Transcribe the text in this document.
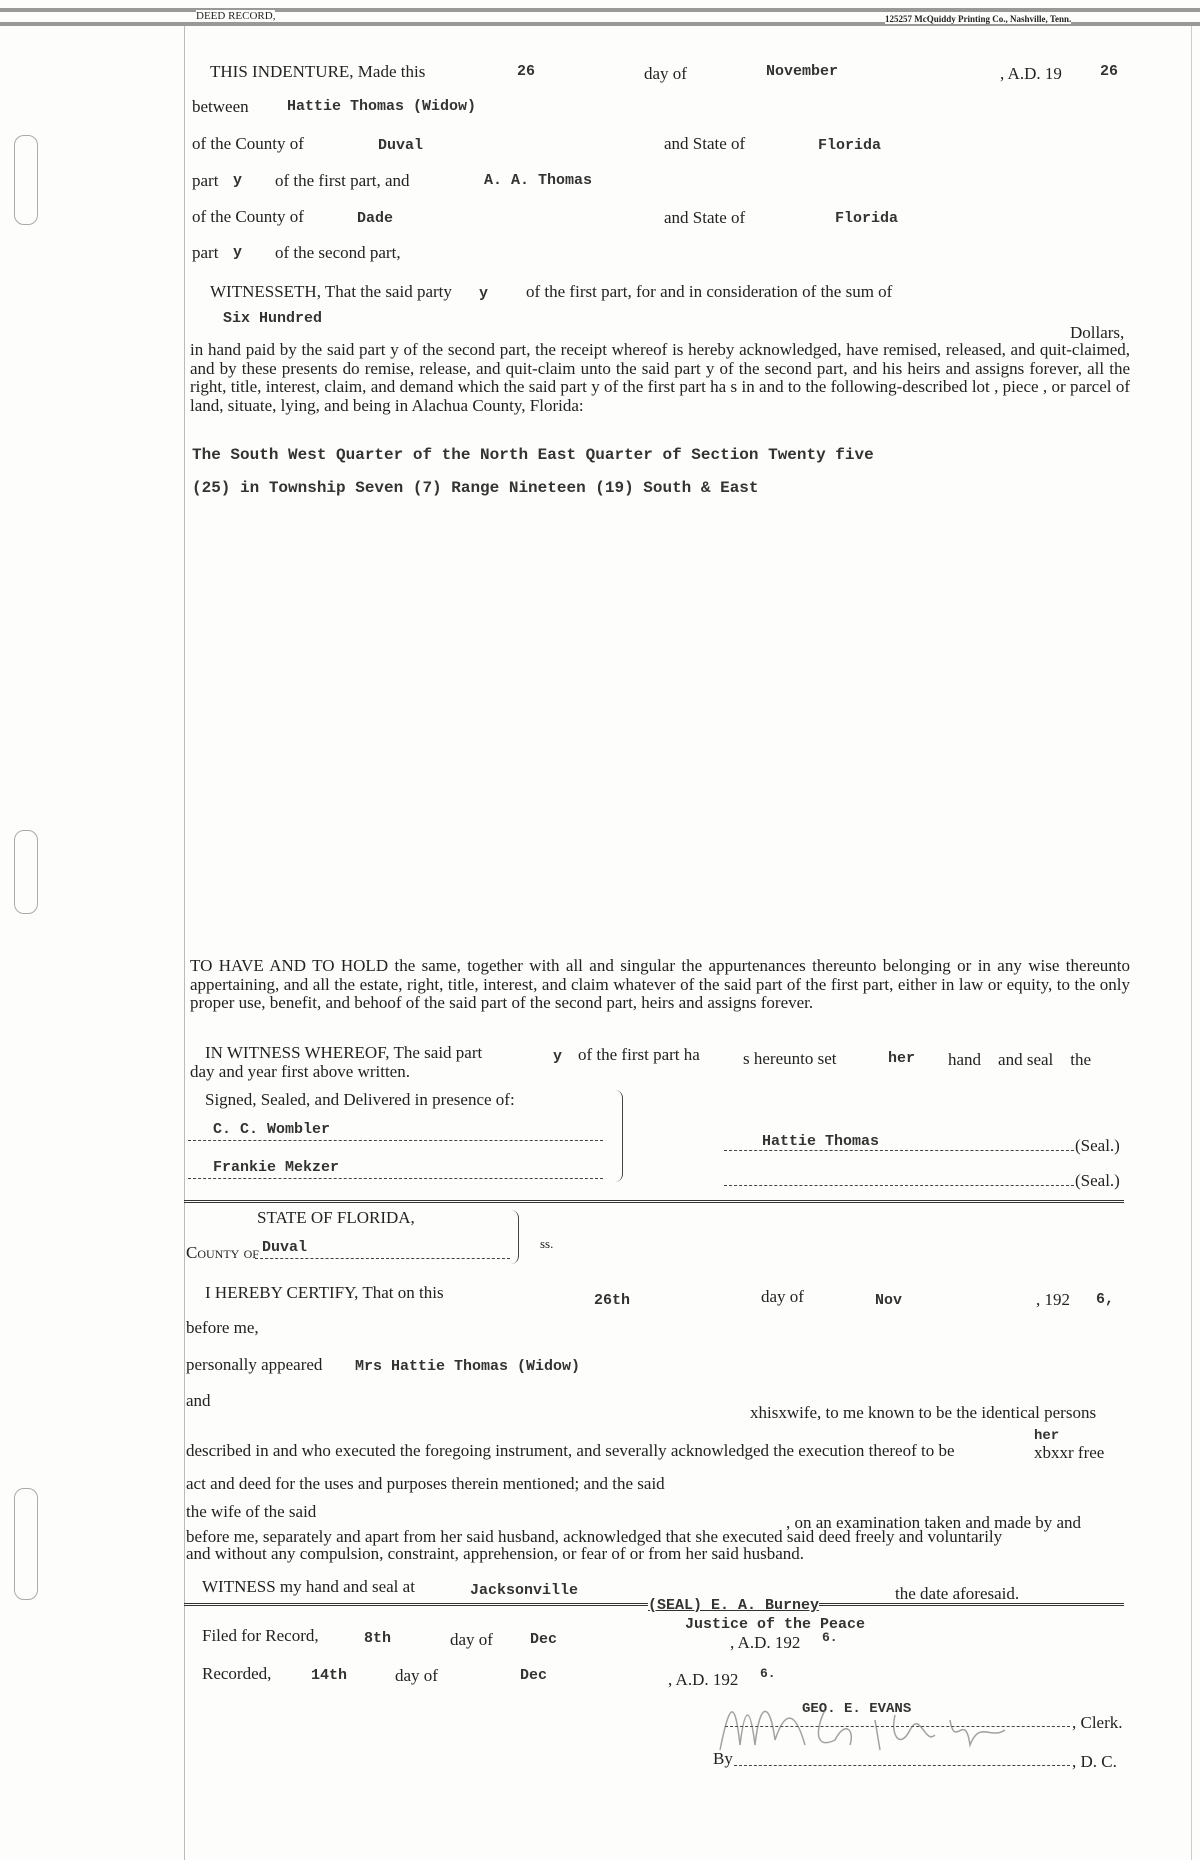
DEED RECORD,	125257 McQuiddy Printing Co., Nashville, Tenn.
THIS INDENTURE, Made this	26	day of	November	, A.D. 19	26
between	Hattie Thomas (Widow)
of the County of	Duval	and State of	Florida
part y of the first part, and	A. A. Thomas
of the County of	Dade	and State of	Florida
part y of the second part,
WITNESSETH, That the said party y of the first part, for and in consideration of the sum of
Six Hundred
Dollars,
in hand paid by the said part y of the second part, the receipt whereof is hereby acknowledged, have remised, released, and quit-claimed, and by these presents do remise, release, and quit-claim unto the said part y of the second part, and his heirs and assigns forever, all the right, title, interest, claim, and demand which the said part y of the first part ha s in and to the following-described lot , piece , or parcel of land, situate, lying, and being in Alachua County, Florida:
The South West Quarter of the North East Quarter of Section Twenty five
(25) in Township Seven (7) Range Nineteen (19) South & East
TO HAVE AND TO HOLD the same, together with all and singular the appurtenances thereunto belonging or in any wise thereunto appertaining, and all the estate, right, title, interest, and claim whatever of the said part of the first part, either in law or equity, to the only proper use, benefit, and behoof of the said part of the second part, heirs and assigns forever.
IN WITNESS WHEREOF, The said part	y of the first part ha	s hereunto set	her hand    and seal    the
day and year first above written.
Signed, Sealed, and Delivered in presence of:
C. C. Wombler
Frankie Mekzer
Hattie Thomas	(Seal.)
(Seal.)
STATE OF FLORIDA,
County of Duval	ss.
I HEREBY CERTIFY, That on this	26th	day of	Nov	, 192 6,
before me,
personally appeared Mrs Hattie Thomas (Widow)
and
xhisxwife, to me known to be the identical persons
described in and who executed the foregoing instrument, and severally acknowledged the execution thereof to be
her
xbxxr free
act and deed for the uses and purposes therein mentioned; and the said
the wife of the said
, on an examination taken and made by and
before me, separately and apart from her said husband, acknowledged that she executed said deed freely and voluntarily
and without any compulsion, constraint, apprehension, or fear of or from her said husband.
WITNESS my hand and seal at	Jacksonville	the date aforesaid.
(SEAL) E. A. Burney
Justice of the Peace
Filed for Record,	8th	day of Dec	, A.D. 192 6.
Recorded,	14th	day of	Dec	, A.D. 192 6.
GEO. E. EVANS
, Clerk.
By	, D. C.
